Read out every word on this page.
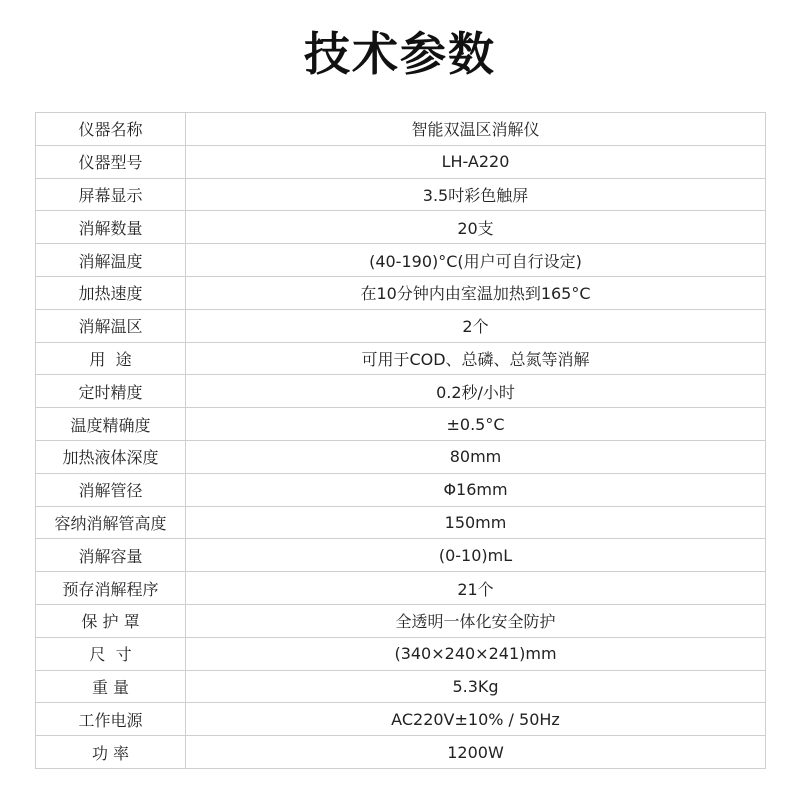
技术参数
仪器名称	智能双温区消解仪
仪器型号	LH-A220
屏幕显示	3.5吋彩色触屏
消解数量	20支
消解温度	(40-190)°C(用户可自行设定)
加热速度	在10分钟内由室温加热到165°C
消解温区	2个
用  途	可用于COD、总磷、总氮等消解
定时精度	0.2秒/小时
温度精确度	±0.5°C
加热液体深度	80mm
消解管径	Φ16mm
容纳消解管高度	150mm
消解容量	(0-10)mL
预存消解程序	21个
保 护 罩	全透明一体化安全防护
尺  寸	(340×240×241)mm
重 量	5.3Kg
工作电源	AC220V±10% / 50Hz
功 率	1200W
